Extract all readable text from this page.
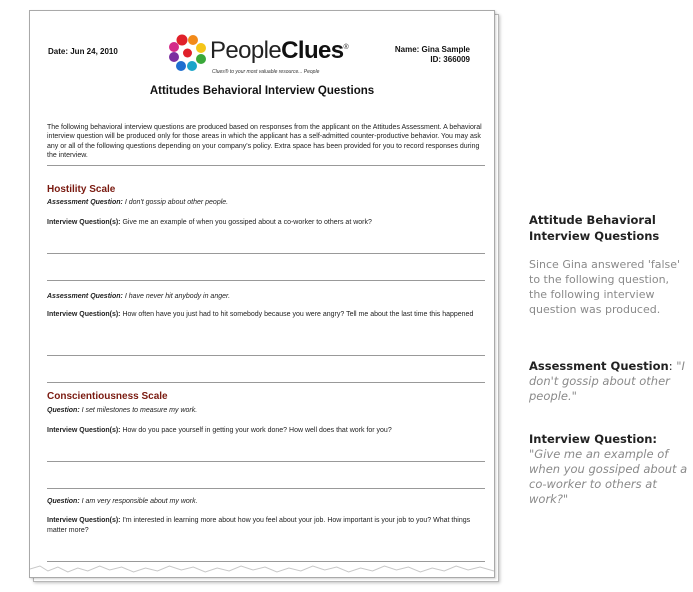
Date: Jun 24, 2010	Name: Gina Sample
ID: 366009
PeopleClues®
Clues® to your most valuable resource... People
Attitudes Behavioral Interview Questions
The following behavioral interview questions are produced based on responses from the applicant on the Attitudes Assessment. A behavioral interview question will be produced only for those areas in which the applicant has a self-admitted counter-productive behavior. You may ask any or all of the following questions depending on your company's policy. Extra space has been provided for you to record responses during the interview.
Hostility Scale
Assessment Question: I don't gossip about other people.
Interview Question(s): Give me an example of when you gossiped about a co-worker to others at work?
Assessment Question: I have never hit anybody in anger.
Interview Question(s): How often have you just had to hit somebody because you were angry? Tell me about the last time this happened
Conscientiousness Scale
Question: I set milestones to measure my work.
Interview Question(s): How do you pace yourself in getting your work done? How well does that work for you?
Question: I am very responsible about my work.
Interview Question(s): I'm interested in learning more about how you feel about your job. How important is your job to you? What things matter more?
Attitude Behavioral Interview Questions
Since Gina answered 'false' to the following question, the following interview question was produced.
Assessment Question: "I don't gossip about other people."
Interview Question: "Give me an example of when you gossiped about a co-worker to others at work?"
